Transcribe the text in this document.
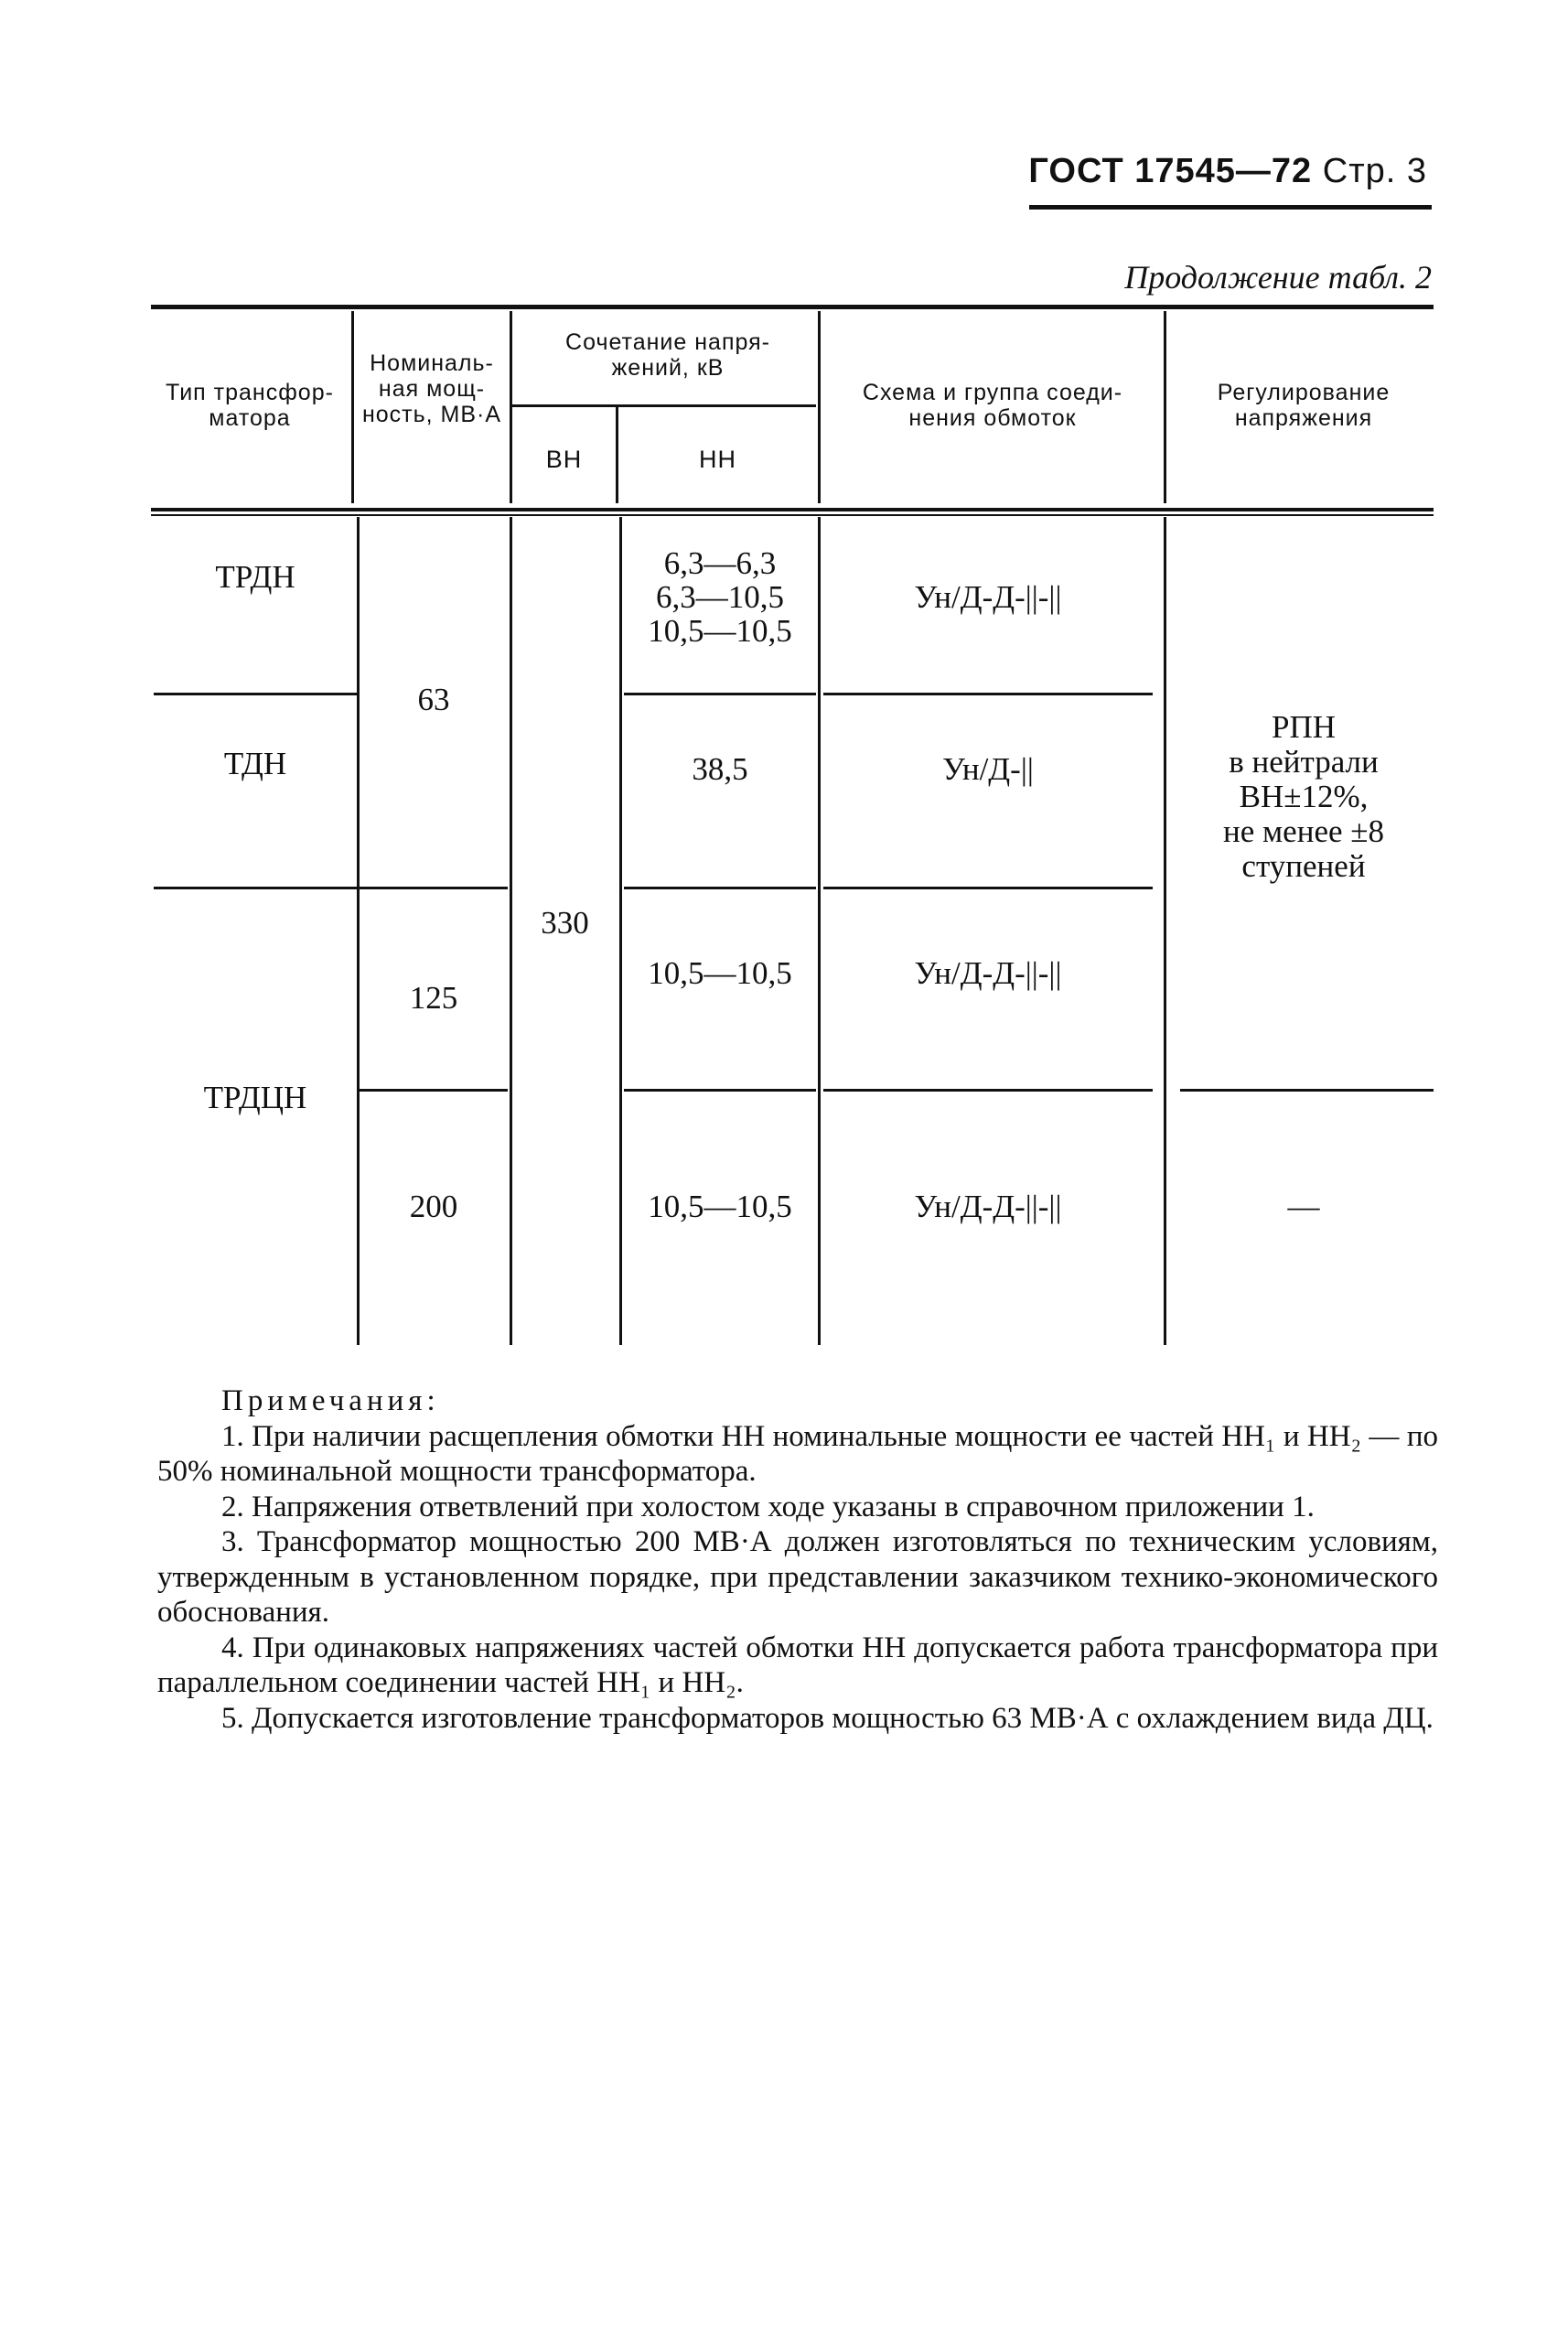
ГОСТ 17545—72 Стр. 3
Продолжение табл. 2
Тип трансфор-матора
Номиналь-ная мощ-ность, МВ·А
Сочетание напря-жений, кВ
ВН	НН
Схема и группа соеди-нения обмоток
Регулирование напряжения
ТРДН
ТДН
ТРДЦН
63
125
200
330
6,3—6,3
6,3—10,5
10,5—10,5
38,5
10,5—10,5
10,5—10,5
Ун/Д-Д-||-||
Ун/Д-||
Ун/Д-Д-||-||
Ун/Д-Д-||-||
РПН
в нейтрали
ВН±12%,
не менее ±8
ступеней
—

Примечания:

1. При наличии расщепления обмотки НН номинальные мощности ее частей НН₁ и НН₂ — по 50% номинальной мощности трансформатора.

2. Напряжения ответвлений при холостом ходе указаны в справочном приложении 1.

3. Трансформатор мощностью 200 МВ·А должен изготовляться по техническим условиям, утвержденным в установленном порядке, при представлении заказчиком технико-экономического обоснования.

4. При одинаковых напряжениях частей обмотки НН допускается работа трансформатора при параллельном соединении частей НН₁ и НН₂.

5. Допускается изготовление трансформаторов мощностью 63 МВ·А с охлаждением вида ДЦ.
